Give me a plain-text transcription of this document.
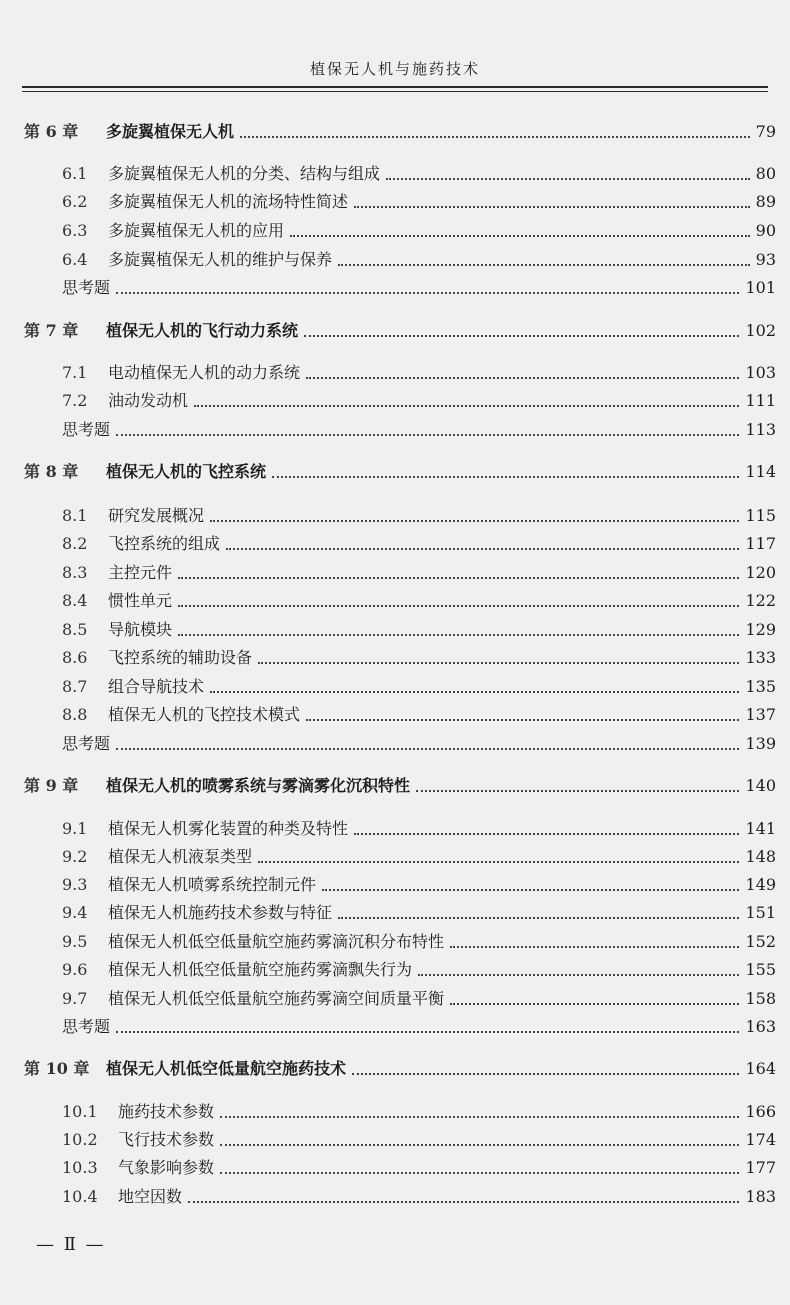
植保无人机与施药技术
第 6 章	多旋翼植保无人机	79
6.1	多旋翼植保无人机的分类、结构与组成	80
6.2	多旋翼植保无人机的流场特性简述	89
6.3	多旋翼植保无人机的应用	90
6.4	多旋翼植保无人机的维护与保养	93
思考题	101
第 7 章	植保无人机的飞行动力系统	102
7.1	电动植保无人机的动力系统	103
7.2	油动发动机	111
思考题	113
第 8 章	植保无人机的飞控系统	114
8.1	研究发展概况	115
8.2	飞控系统的组成	117
8.3	主控元件	120
8.4	惯性单元	122
8.5	导航模块	129
8.6	飞控系统的辅助设备	133
8.7	组合导航技术	135
8.8	植保无人机的飞控技术模式	137
思考题	139
第 9 章	植保无人机的喷雾系统与雾滴雾化沉积特性	140
9.1	植保无人机雾化装置的种类及特性	141
9.2	植保无人机液泵类型	148
9.3	植保无人机喷雾系统控制元件	149
9.4	植保无人机施药技术参数与特征	151
9.5	植保无人机低空低量航空施药雾滴沉积分布特性	152
9.6	植保无人机低空低量航空施药雾滴飘失行为	155
9.7	植保无人机低空低量航空施药雾滴空间质量平衡	158
思考题	163
第 10 章	植保无人机低空低量航空施药技术	164
10.1	施药技术参数	166
10.2	飞行技术参数	174
10.3	气象影响参数	177
10.4	地空因数	183
— Ⅱ —
